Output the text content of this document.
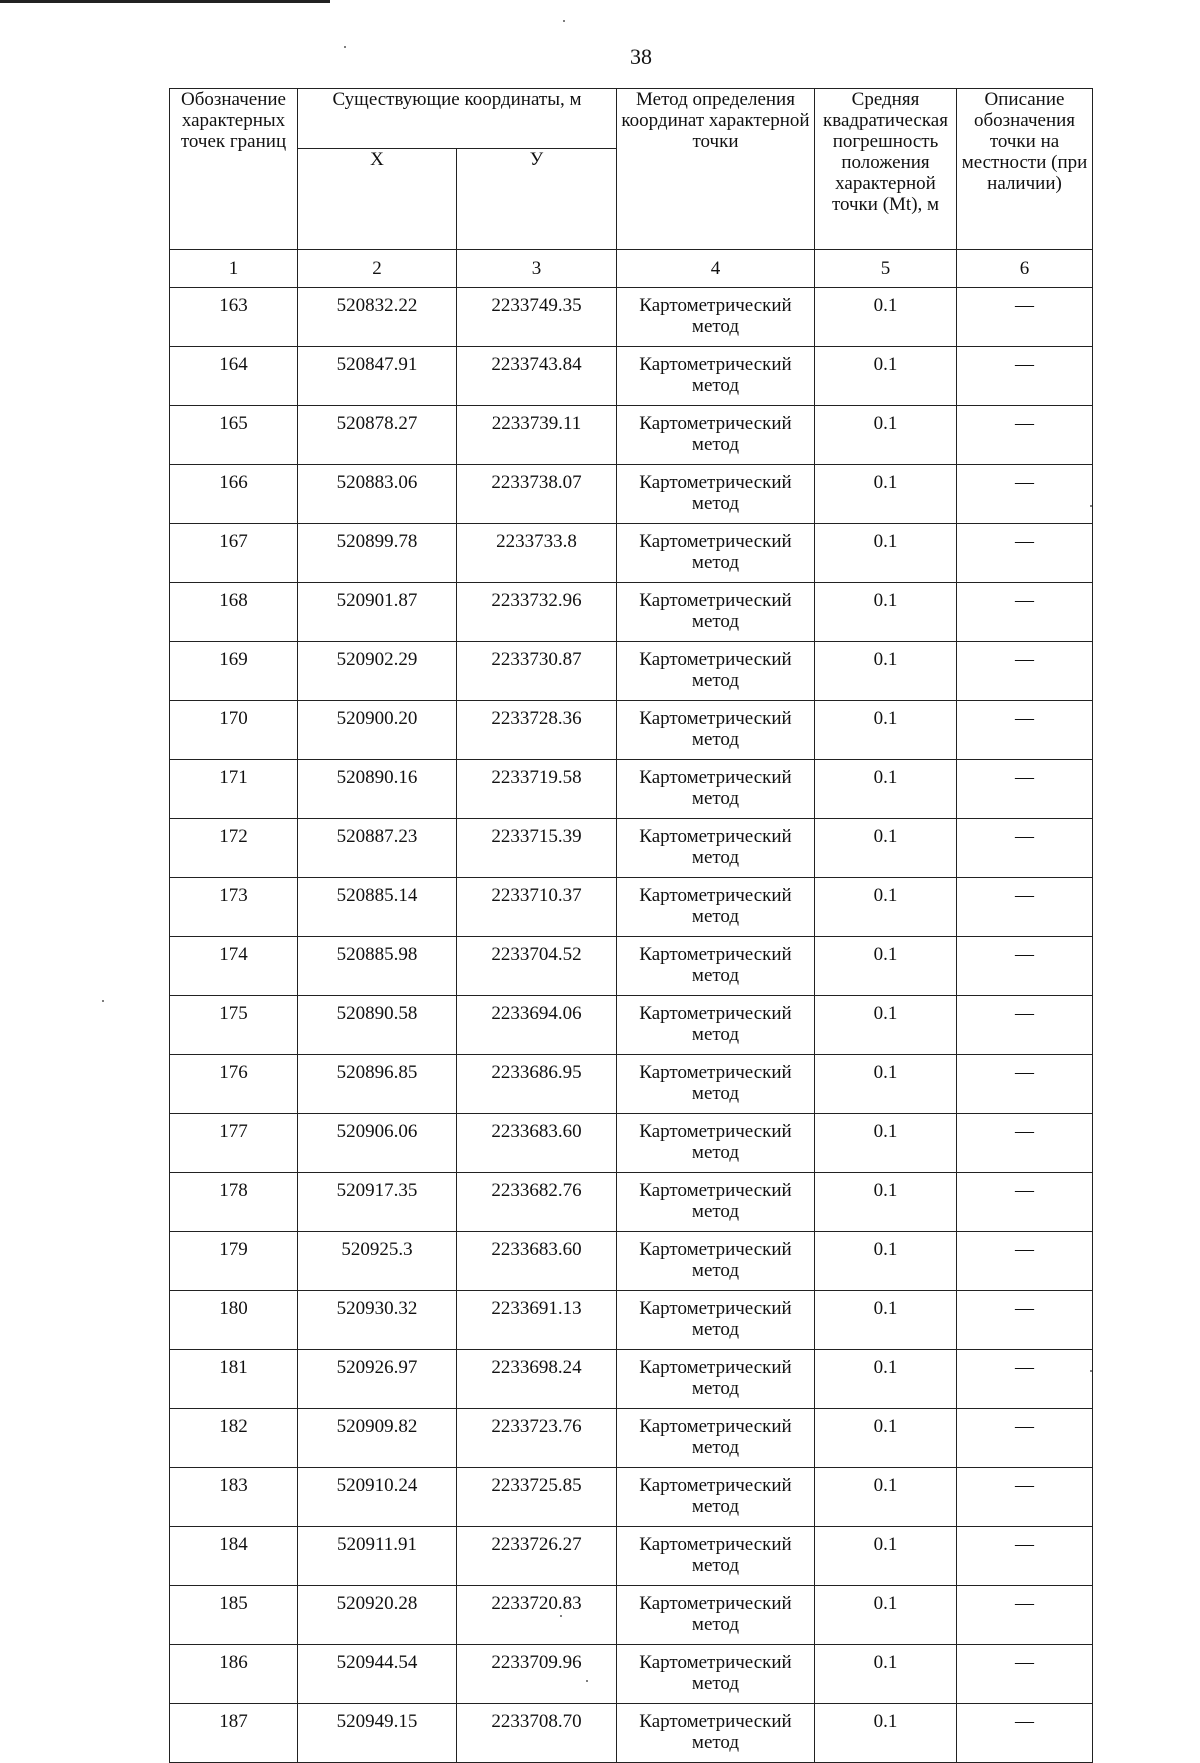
38
Обозначение характерных точек границ	Существующие координаты, м		Метод определения координат характерной точки	Средняя квадратическая погрешность положения характерной точки (Mt), м	Описание обозначения точки на местности (при наличии)
	Х	У			
1	2	3	4	5	6
163	520832.22	2233749.35	Картометрический метод	0.1	—
164	520847.91	2233743.84	Картометрический метод	0.1	—
165	520878.27	2233739.11	Картометрический метод	0.1	—
166	520883.06	2233738.07	Картометрический метод	0.1	—
167	520899.78	2233733.8	Картометрический метод	0.1	—
168	520901.87	2233732.96	Картометрический метод	0.1	—
169	520902.29	2233730.87	Картометрический метод	0.1	—
170	520900.20	2233728.36	Картометрический метод	0.1	—
171	520890.16	2233719.58	Картометрический метод	0.1	—
172	520887.23	2233715.39	Картометрический метод	0.1	—
173	520885.14	2233710.37	Картометрический метод	0.1	—
174	520885.98	2233704.52	Картометрический метод	0.1	—
175	520890.58	2233694.06	Картометрический метод	0.1	—
176	520896.85	2233686.95	Картометрический метод	0.1	—
177	520906.06	2233683.60	Картометрический метод	0.1	—
178	520917.35	2233682.76	Картометрический метод	0.1	—
179	520925.3	2233683.60	Картометрический метод	0.1	—
180	520930.32	2233691.13	Картометрический метод	0.1	—
181	520926.97	2233698.24	Картометрический метод	0.1	—
182	520909.82	2233723.76	Картометрический метод	0.1	—
183	520910.24	2233725.85	Картометрический метод	0.1	—
184	520911.91	2233726.27	Картометрический метод	0.1	—
185	520920.28	2233720.83	Картометрический метод	0.1	—
186	520944.54	2233709.96	Картометрический метод	0.1	—
187	520949.15	2233708.70	Картометрический метод	0.1	—
